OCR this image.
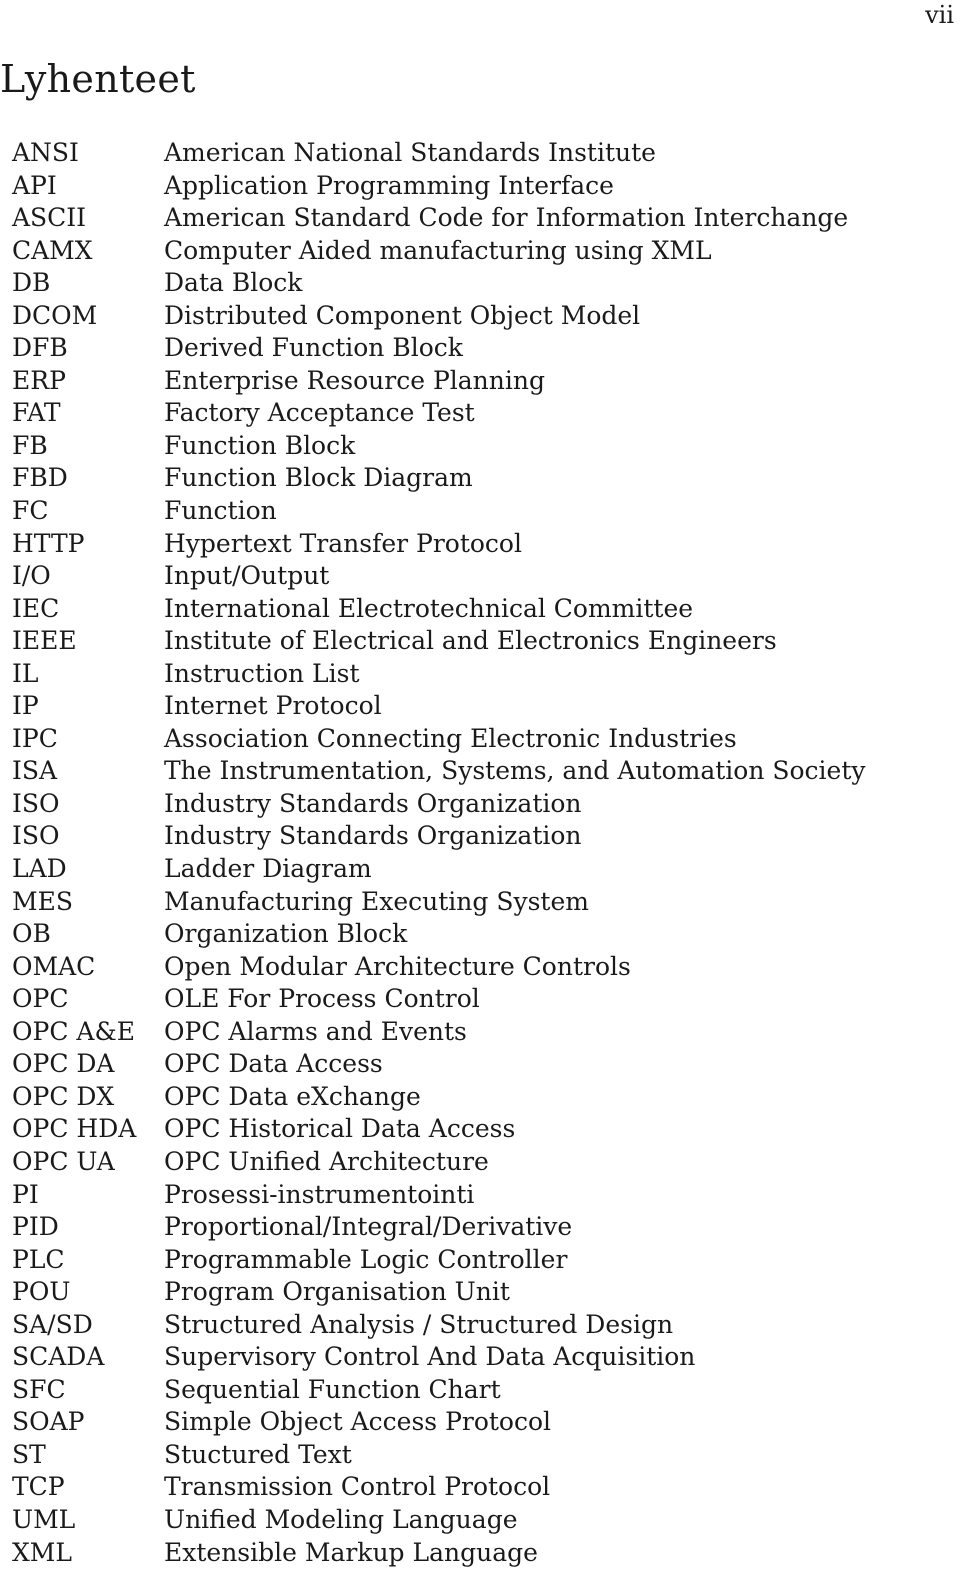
vii
Lyhenteet
ANSI	American National Standards Institute
API	Application Programming Interface
ASCII	American Standard Code for Information Interchange
CAMX	Computer Aided manufacturing using XML
DB	Data Block
DCOM	Distributed Component Object Model
DFB	Derived Function Block
ERP	Enterprise Resource Planning
FAT	Factory Acceptance Test
FB	Function Block
FBD	Function Block Diagram
FC	Function
HTTP	Hypertext Transfer Protocol
I/O	Input/Output
IEC	International Electrotechnical Committee
IEEE	Institute of Electrical and Electronics Engineers
IL	Instruction List
IP	Internet Protocol
IPC	Association Connecting Electronic Industries
ISA	The Instrumentation, Systems, and Automation Society
ISO	Industry Standards Organization
ISO	Industry Standards Organization
LAD	Ladder Diagram
MES	Manufacturing Executing System
OB	Organization Block
OMAC	Open Modular Architecture Controls
OPC	OLE For Process Control
OPC A&E	OPC Alarms and Events
OPC DA	OPC Data Access
OPC DX	OPC Data eXchange
OPC HDA	OPC Historical Data Access
OPC UA	OPC Unified Architecture
PI	Prosessi-instrumentointi
PID	Proportional/Integral/Derivative
PLC	Programmable Logic Controller
POU	Program Organisation Unit
SA/SD	Structured Analysis / Structured Design
SCADA	Supervisory Control And Data Acquisition
SFC	Sequential Function Chart
SOAP	Simple Object Access Protocol
ST	Stuctured Text
TCP	Transmission Control Protocol
UML	Unified Modeling Language
XML	Extensible Markup Language
